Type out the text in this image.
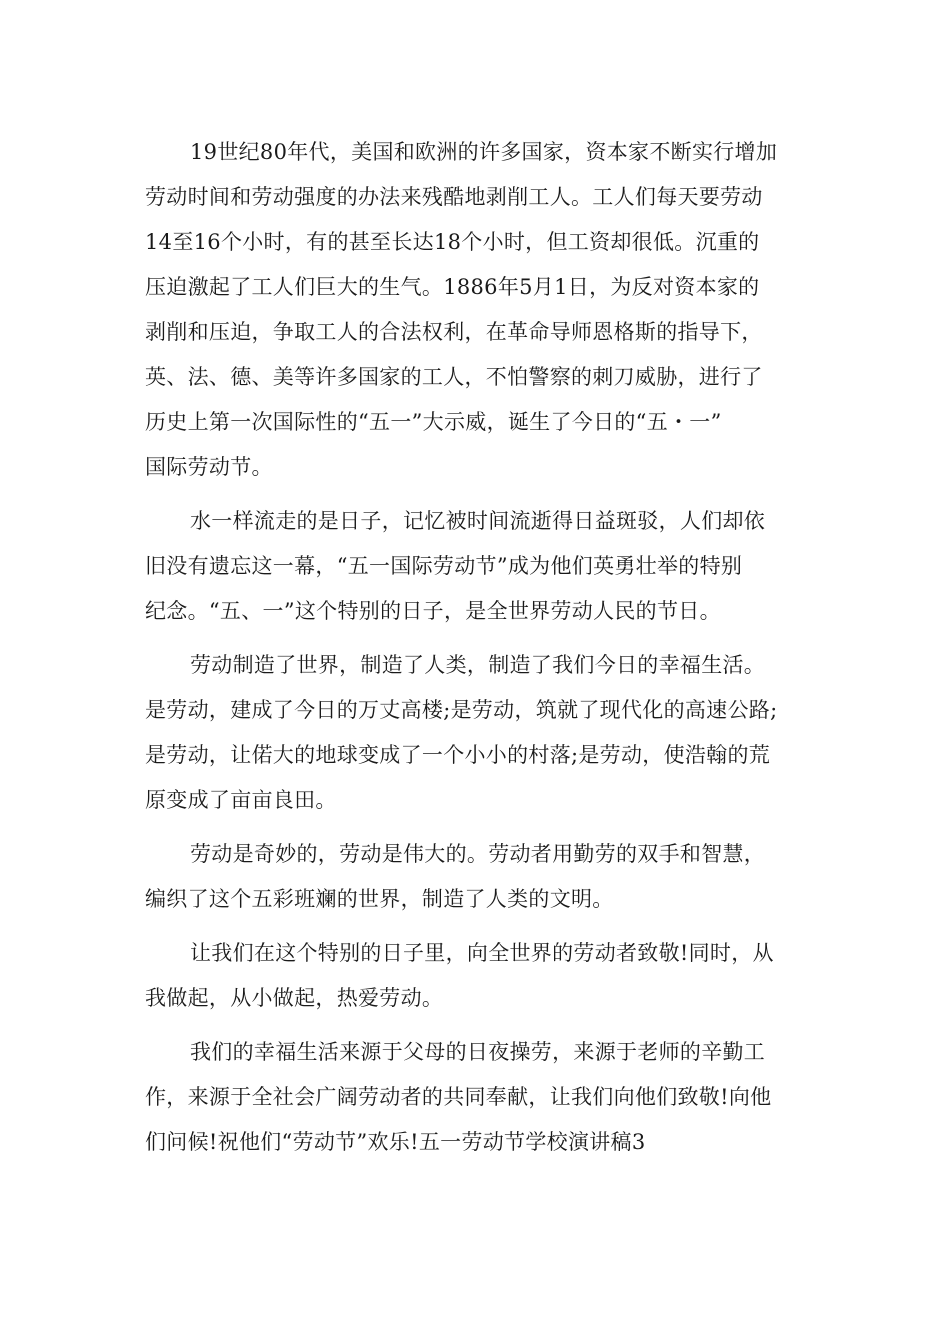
19世纪80年代，美国和欧洲的许多国家，资本家不断实行增加
劳动时间和劳动强度的办法来残酷地剥削工人。工人们每天要劳动
14至16个小时，有的甚至长达18个小时，但工资却很低。沉重的
压迫激起了工人们巨大的生气。1886年5月1日，为反对资本家的
剥削和压迫，争取工人的合法权利，在革命导师恩格斯的指导下，
英、法、德、美等许多国家的工人，不怕警察的刺刀威胁，进行了
历史上第一次国际性的“五一”大示威，诞生了今日的“五・一”
国际劳动节。
水一样流走的是日子，记忆被时间流逝得日益斑驳，人们却依
旧没有遗忘这一幕，“五一国际劳动节”成为他们英勇壮举的特别
纪念。“五、一”这个特别的日子，是全世界劳动人民的节日。
劳动制造了世界，制造了人类，制造了我们今日的幸福生活。
是劳动，建成了今日的万丈高楼;是劳动，筑就了现代化的高速公路;
是劳动，让偌大的地球变成了一个小小的村落;是劳动，使浩翰的荒
原变成了亩亩良田。
劳动是奇妙的，劳动是伟大的。劳动者用勤劳的双手和智慧，
编织了这个五彩班斓的世界，制造了人类的文明。
让我们在这个特别的日子里，向全世界的劳动者致敬!同时，从
我做起，从小做起，热爱劳动。
我们的幸福生活来源于父母的日夜操劳，来源于老师的辛勤工
作，来源于全社会广阔劳动者的共同奉献，让我们向他们致敬!向他
们问候!祝他们“劳动节”欢乐!五一劳动节学校演讲稿3
